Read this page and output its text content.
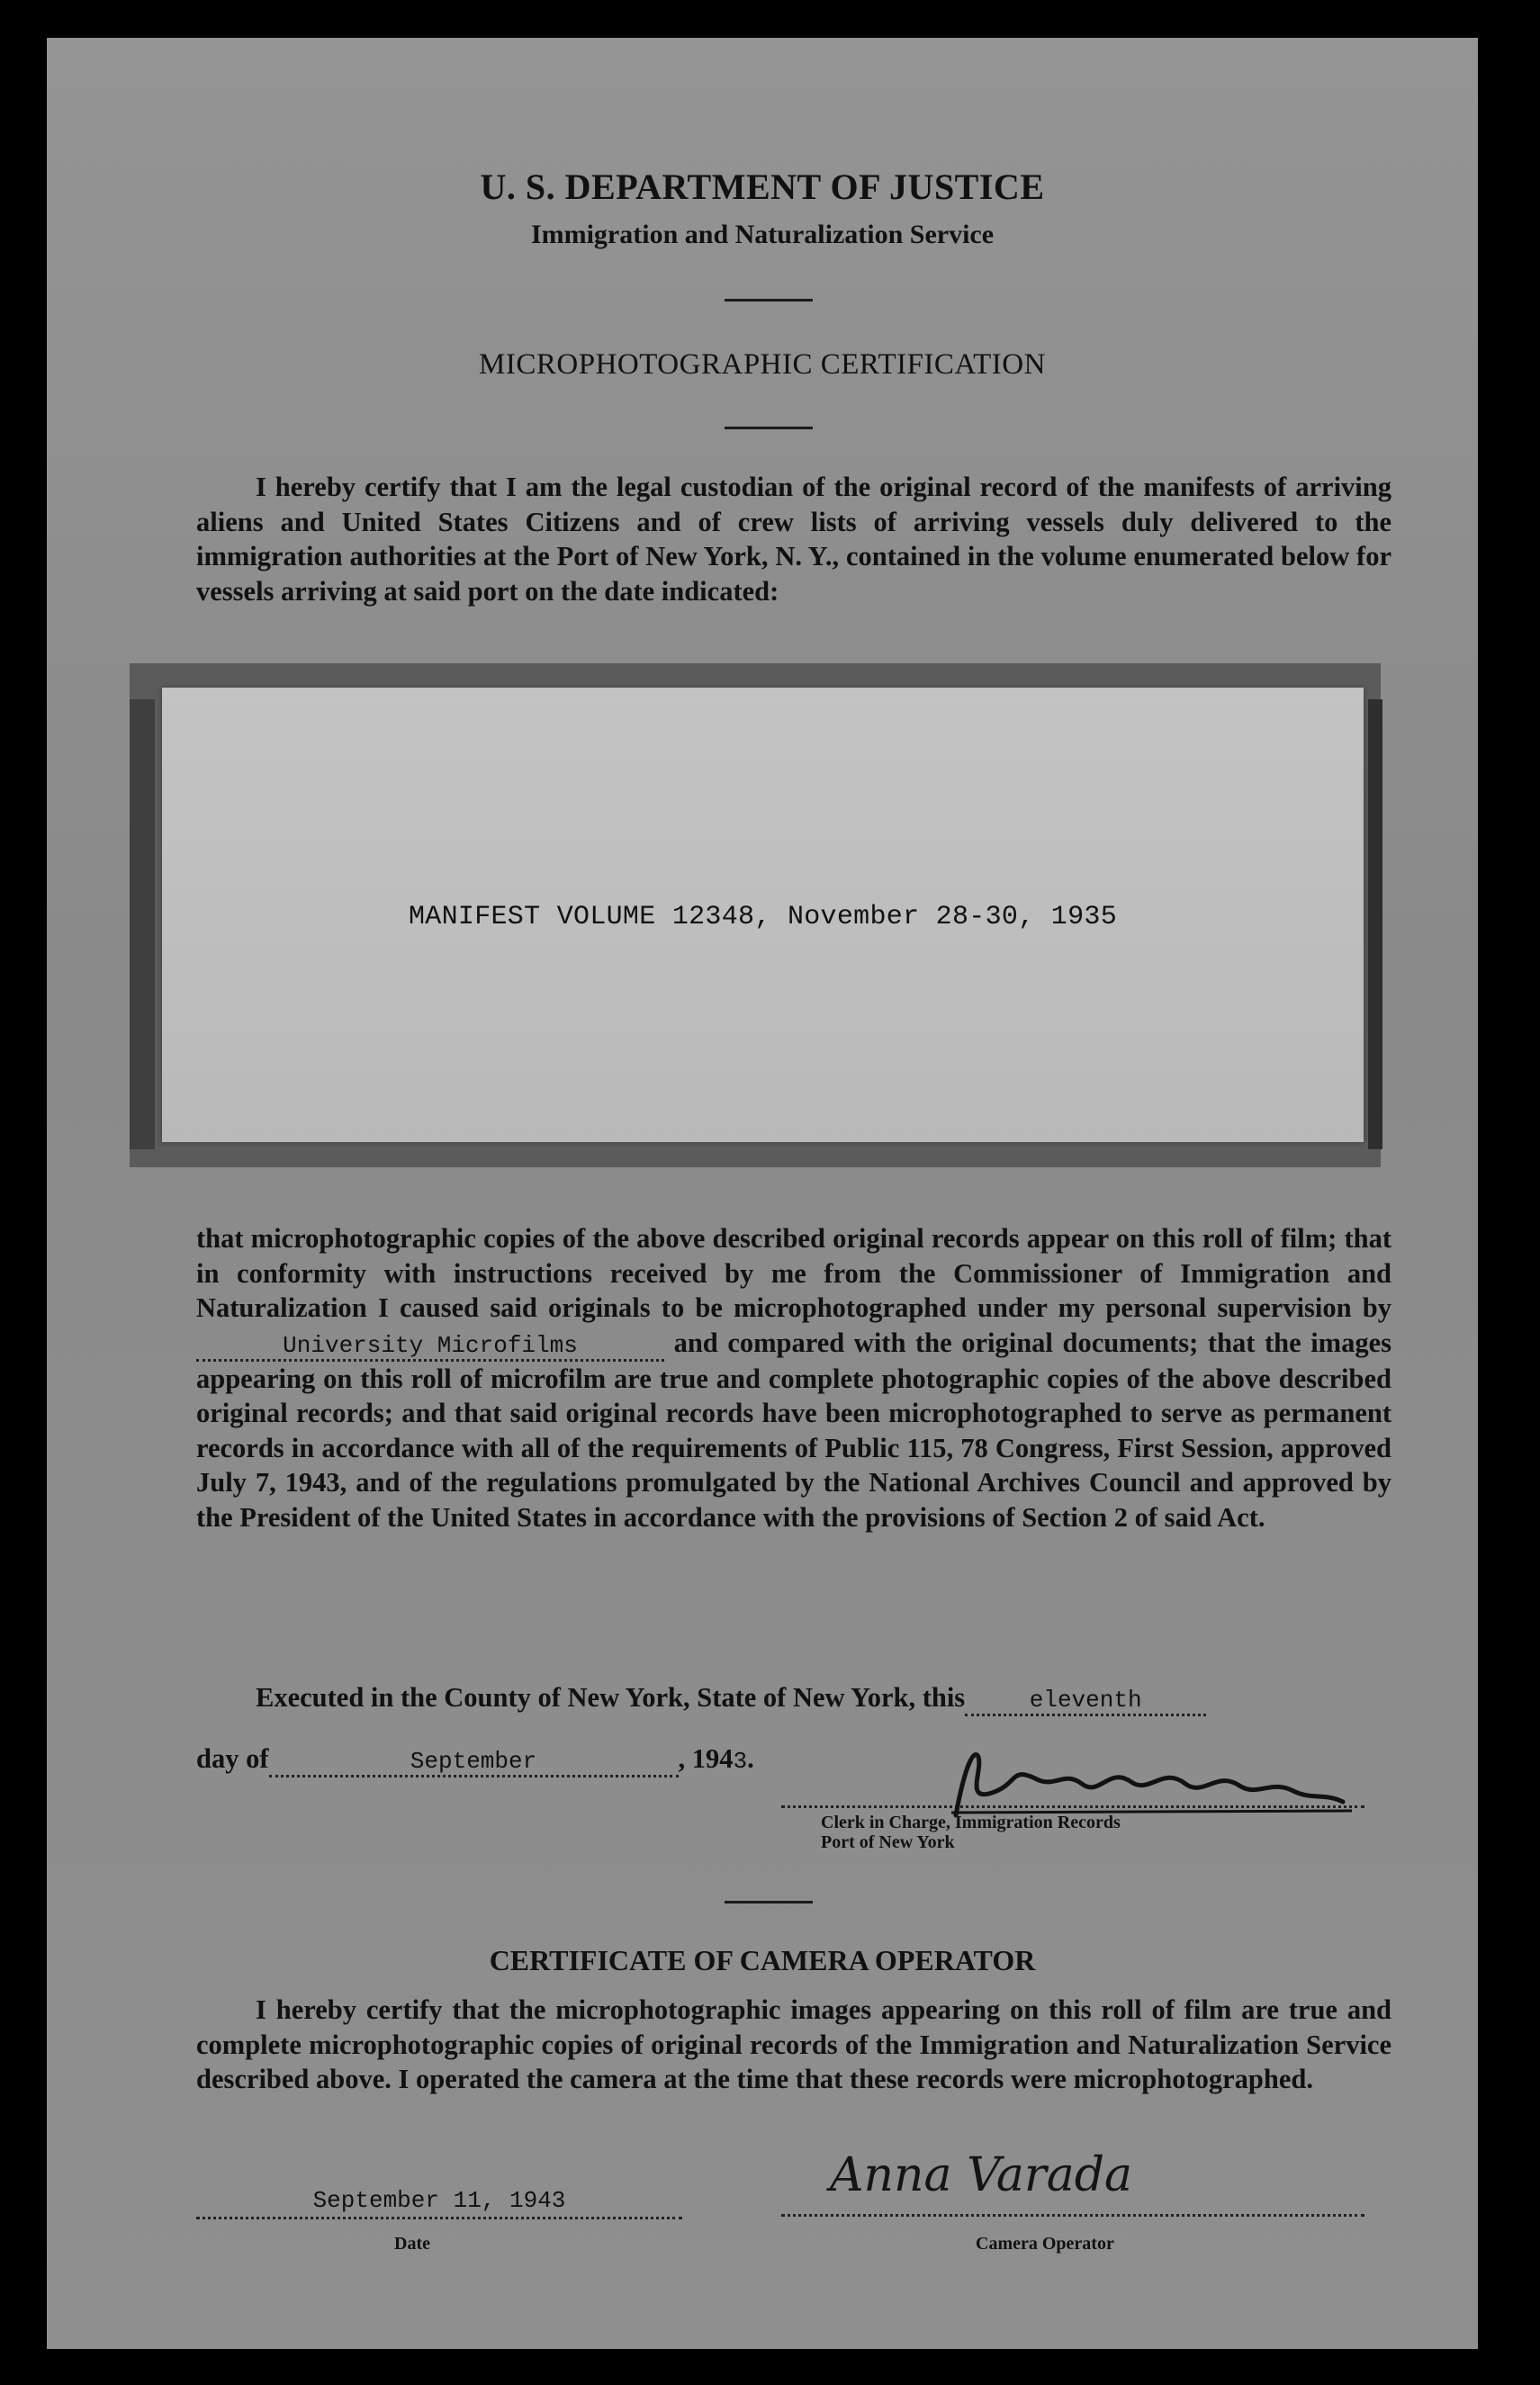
U. S. DEPARTMENT OF JUSTICE
Immigration and Naturalization Service
MICROPHOTOGRAPHIC CERTIFICATION

I hereby certify that I am the legal custodian of the original record of the manifests of arriving aliens and United States Citizens and of crew lists of arriving vessels duly delivered to the immigration authorities at the Port of New York, N. Y., contained in the volume enumerated below for vessels arriving at said port on the date indicated:

MANIFEST VOLUME 12348, November 28-30, 1935

that microphotographic copies of the above described original records appear on this roll of film; that in conformity with instructions received by me from the Commissioner of Immigration and Naturalization I caused said originals to be microphotographed under my personal supervision by University Microfilms	and compared with the original documents; that the images appearing on this roll of microfilm are true and complete photographic copies of the above described original records; and that said original records have been microphotographed to serve as permanent records in accordance with all of the requirements of Public 115, 78 Congress, First Session, approved July 7, 1943, and of the regulations promulgated by the National Archives Council and approved by the President of the United States in accordance with the provisions of Section 2 of said Act.

Executed in the County of New York, State of New York, this	eleventh
day of	September	, 1943.
Clerk in Charge, Immigration Records
Port of New York
CERTIFICATE OF CAMERA OPERATOR

I hereby certify that the microphotographic images appearing on this roll of film are true and complete microphotographic copies of original records of the Immigration and Naturalization Service described above. I operated the camera at the time that these records were microphotographed.

September 11, 1943
Date
Anna Varada
Camera Operator
